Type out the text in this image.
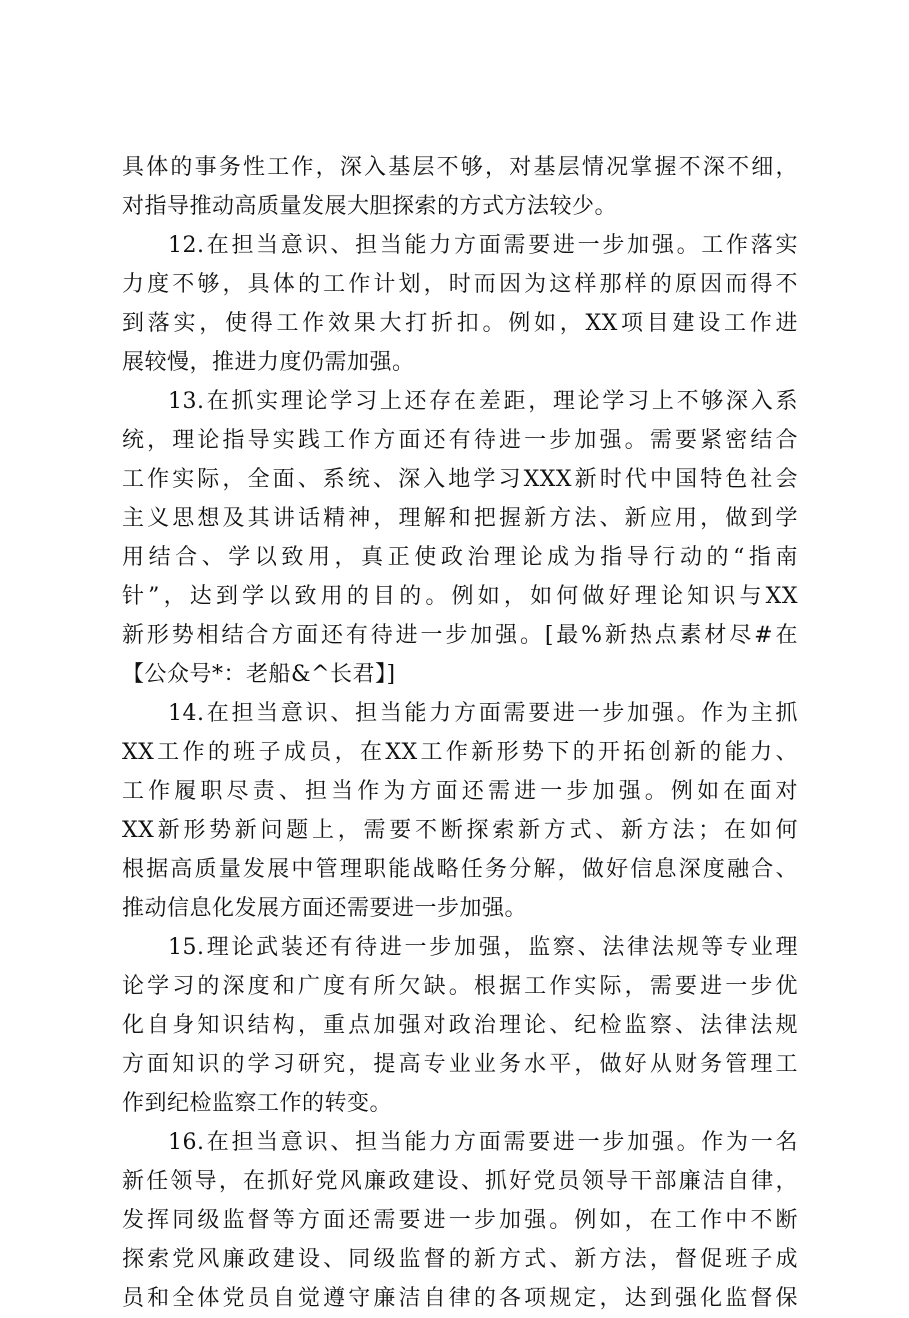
具体的事务性工作，深入基层不够，对基层情况掌握不深不细，
对指导推动高质量发展大胆探索的方式方法较少。
12.在担当意识、担当能力方面需要进一步加强。工作落实
力度不够，具体的工作计划，时而因为这样那样的原因而得不
到落实，使得工作效果大打折扣。例如，XX项目建设工作进
展较慢，推进力度仍需加强。
13.在抓实理论学习上还存在差距，理论学习上不够深入系
统，理论指导实践工作方面还有待进一步加强。需要紧密结合
工作实际，全面、系统、深入地学习XXX新时代中国特色社会
主义思想及其讲话精神，理解和把握新方法、新应用，做到学
用结合、学以致用，真正使政治理论成为指导行动的“指南
针”，达到学以致用的目的。例如，如何做好理论知识与XX
新形势相结合方面还有待进一步加强。[最%新热点素材尽#在
【公众号*：老船&^长君】]
14.在担当意识、担当能力方面需要进一步加强。作为主抓
XX工作的班子成员，在XX工作新形势下的开拓创新的能力、
工作履职尽责、担当作为方面还需进一步加强。例如在面对
XX新形势新问题上，需要不断探索新方式、新方法；在如何
根据高质量发展中管理职能战略任务分解，做好信息深度融合、
推动信息化发展方面还需要进一步加强。
15.理论武装还有待进一步加强，监察、法律法规等专业理
论学习的深度和广度有所欠缺。根据工作实际，需要进一步优
化自身知识结构，重点加强对政治理论、纪检监察、法律法规
方面知识的学习研究，提高专业业务水平，做好从财务管理工
作到纪检监察工作的转变。
16.在担当意识、担当能力方面需要进一步加强。作为一名
新任领导，在抓好党风廉政建设、抓好党员领导干部廉洁自律，
发挥同级监督等方面还需要进一步加强。例如，在工作中不断
探索党风廉政建设、同级监督的新方式、新方法，督促班子成
员和全体党员自觉遵守廉洁自律的各项规定，达到强化监督保
